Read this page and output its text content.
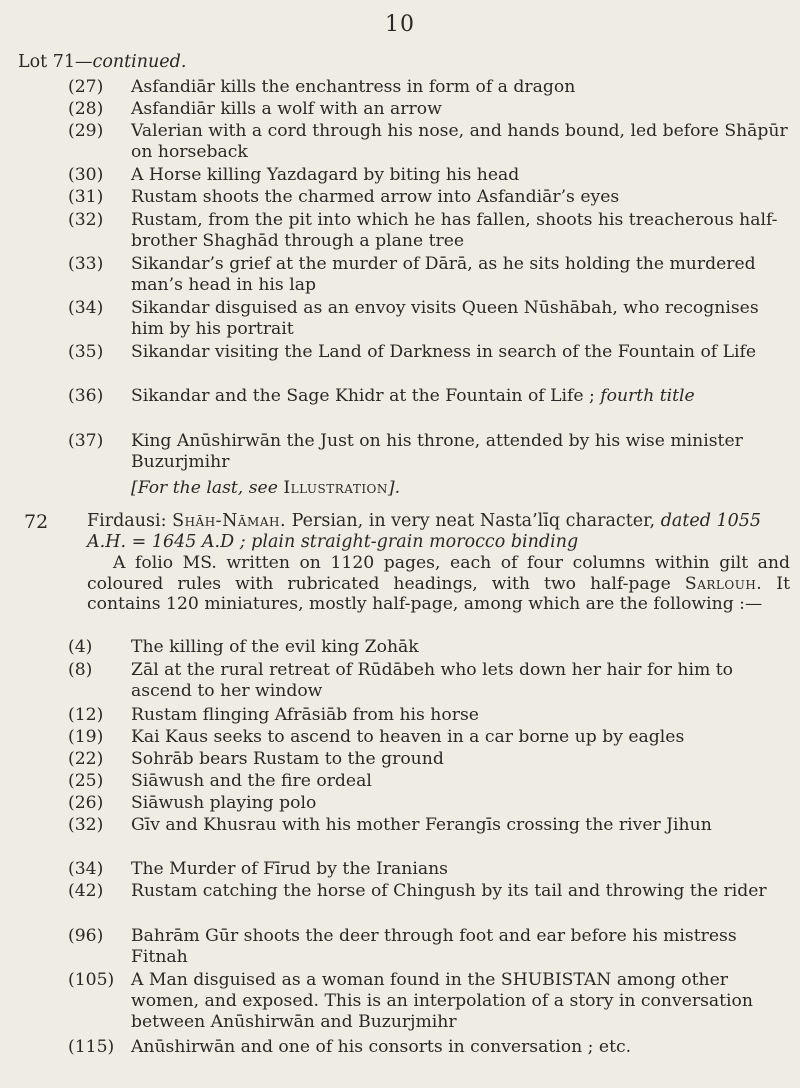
10
Lot 71—continued.
(27)	Asfandiār kills the enchantress in form of a dragon
(28)	Asfandiār kills a wolf with an arrow
(29)	Valerian with a cord through his nose, and hands bound, led before Shāpūr on horseback
(30)	A Horse killing Yazdagard by biting his head
(31)	Rustam shoots the charmed arrow into Asfandiār’s eyes
(32)	Rustam, from the pit into which he has fallen, shoots his treacherous half-brother Shaghād through a plane tree
(33)	Sikandar’s grief at the murder of Dārā, as he sits holding the murdered man’s head in his lap
(34)	Sikandar disguised as an envoy visits Queen Nūshābah, who recognises him by his portrait
(35)	Sikandar visiting the Land of Darkness in search of the Fountain of Life
(36)	Sikandar and the Sage Khidr at the Fountain of Life ; fourth title
(37)	King Anūshirwān the Just on his throne, attended by his wise minister Buzurjmihr
[For the last, see Illustration].
72 Firdausi: Shāh-Nāmah. Persian, in very neat Nasta’līq character, dated 1055 A.H. = 1645 A.D ; plain straight-grain morocco binding
A folio MS. written on 1120 pages, each of four columns within gilt and coloured rules with rubricated headings, with two half-page Sarlouh. It contains 120 miniatures, mostly half-page, among which are the following :—
(4)	The killing of the evil king Zohāk
(8)	Zāl at the rural retreat of Rūdābeh who lets down her hair for him to ascend to her window
(12)	Rustam flinging Afrāsiāb from his horse
(19)	Kai Kaus seeks to ascend to heaven in a car borne up by eagles
(22)	Sohrāb bears Rustam to the ground
(25)	Siāwush and the fire ordeal
(26)	Siāwush playing polo
(32)	Gīv and Khusrau with his mother Ferangīs crossing the river Jihun
(34)	The Murder of Fīrud by the Iranians
(42)	Rustam catching the horse of Chingush by its tail and throwing the rider
(96)	Bahrām Gūr shoots the deer through foot and ear before his mistress Fitnah
(105) A Man disguised as a woman found in the SHUBISTAN among other women, and exposed. This is an interpolation of a story in conversation between Anūshirwān and Buzurjmihr
(115) Anūshirwān and one of his consorts in conversation ; etc.
